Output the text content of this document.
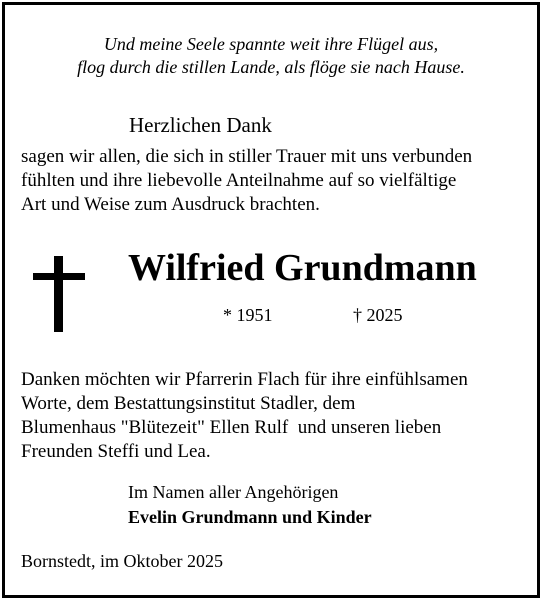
Und meine Seele spannte weit ihre Flügel aus,
flog durch die stillen Lande, als flöge sie nach Hause.
Herzlichen Dank
sagen wir allen, die sich in stiller Trauer mit uns verbunden
fühlten und ihre liebevolle Anteilnahme auf so vielfältige
Art und Weise zum Ausdruck brachten.
Wilfried Grundmann
* 1951	† 2025
Danken möchten wir Pfarrerin Flach für ihre einfühlsamen
Worte, dem Bestattungsinstitut Stadler, dem
Blumenhaus "Blütezeit" Ellen Rulf  und unseren lieben
Freunden Steffi und Lea.
Im Namen aller Angehörigen
Evelin Grundmann und Kinder
Bornstedt, im Oktober 2025
